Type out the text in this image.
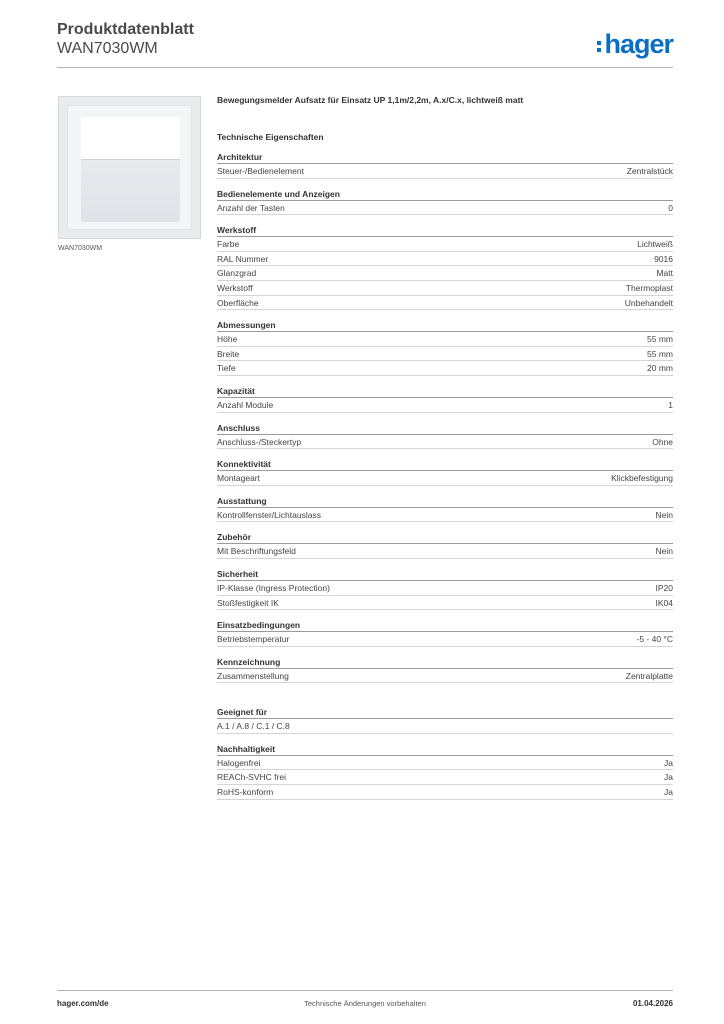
Produktdatenblatt
WAN7030WM	hager
WAN7030WM
Bewegungsmelder Aufsatz für Einsatz UP 1,1m/2,2m, A.x/C.x, lichtweiß matt
Technische Eigenschaften
Architektur
Steuer-/Bedienelement	Zentralstück
Bedienelemente und Anzeigen
Anzahl der Tasten	0
Werkstoff
Farbe	Lichtweiß
RAL Nummer	9016
Glanzgrad	Matt
Werkstoff	Thermoplast
Oberfläche	Unbehandelt
Abmessungen
Höhe	55 mm
Breite	55 mm
Tiefe	20 mm
Kapazität
Anzahl Module	1
Anschluss
Anschluss-/Steckertyp	Ohne
Konnektivität
Montageart	Klickbefestigung
Ausstattung
Kontrollfenster/Lichtauslass	Nein
Zubehör
Mit Beschriftungsfeld	Nein
Sicherheit
IP-Klasse (Ingress Protection)	IP20
Stoßfestigkeit IK	IK04
Einsatzbedingungen
Betriebstemperatur	-5 - 40 °C
Kennzeichnung
Zusammenstellung	Zentralplatte
Geeignet für
A.1 / A.8 / C.1 / C.8
Nachhaltigkeit
Halogenfrei	Ja
REACh-SVHC frei	Ja
RoHS-konform	Ja
hager.com/de	Technische Änderungen vorbehalten	01.04.2026
